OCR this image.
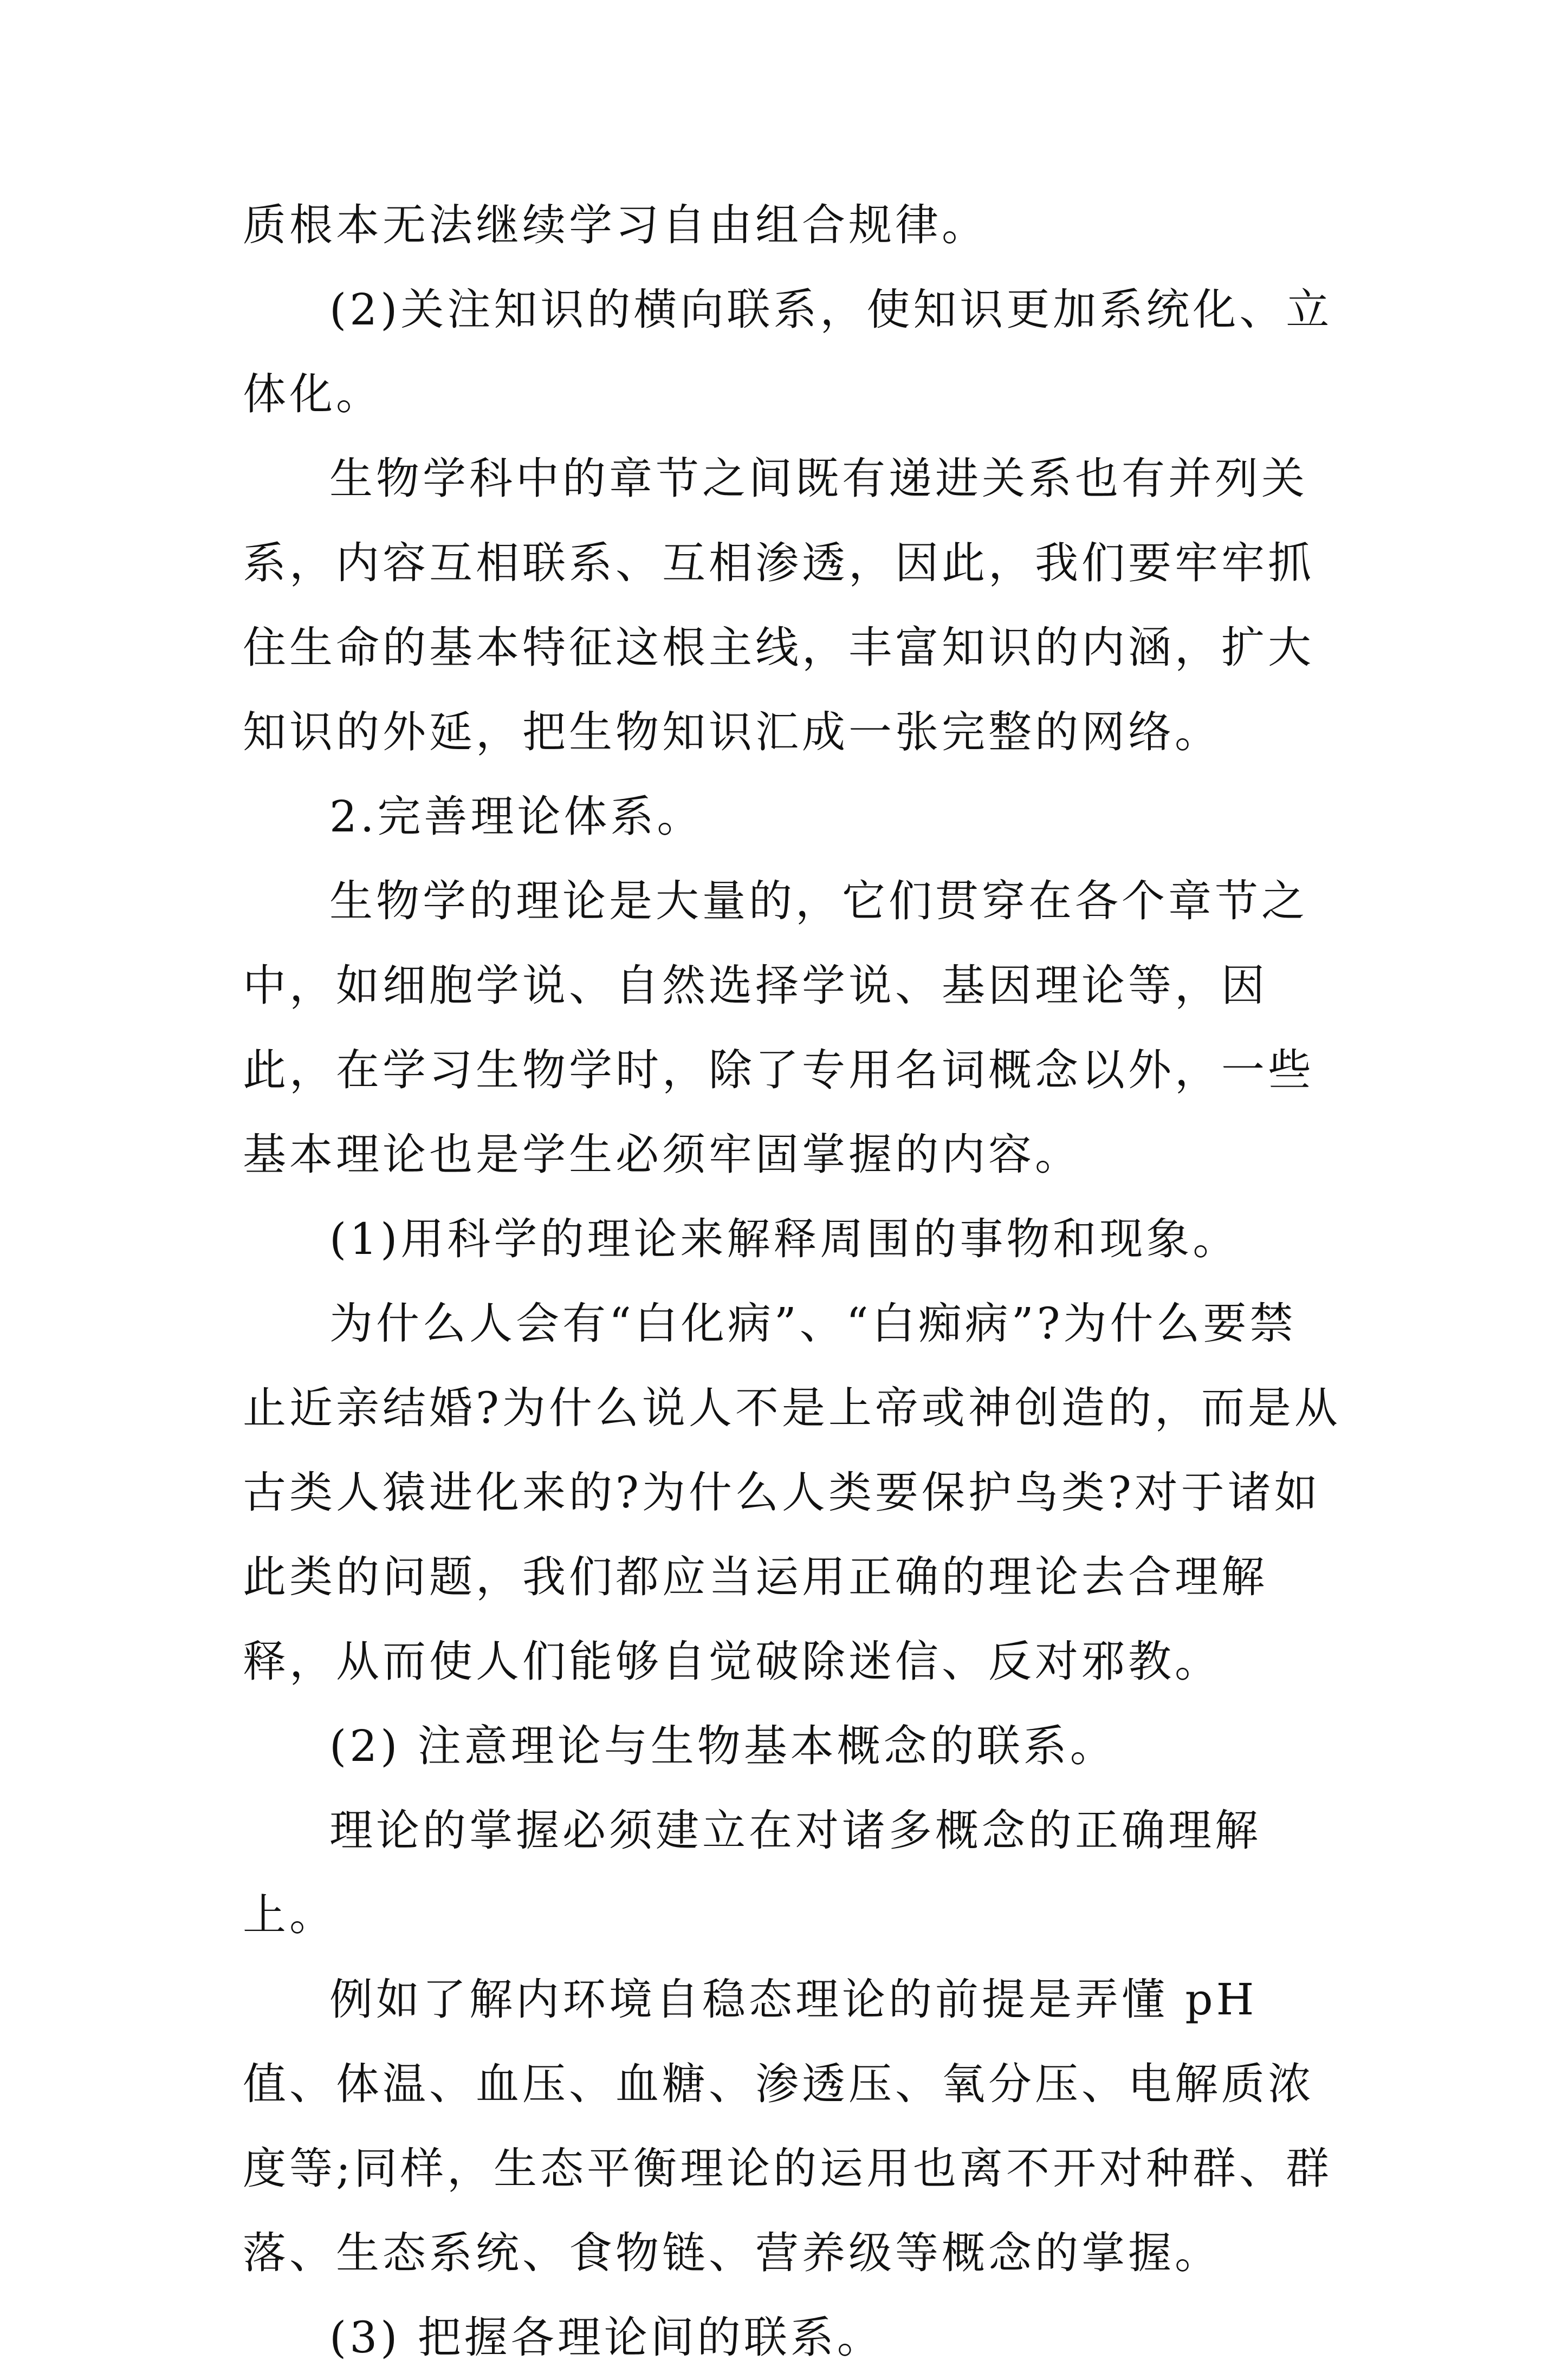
质根本无法继续学习自由组合规律。

(2)关注知识的横向联系，使知识更加系统化、立体化。

生物学科中的章节之间既有递进关系也有并列关系，内容互相联系、互相渗透，因此，我们要牢牢抓住生命的基本特征这根主线，丰富知识的内涵，扩大知识的外延，把生物知识汇成一张完整的网络。

2.完善理论体系。

生物学的理论是大量的，它们贯穿在各个章节之中，如细胞学说、自然选择学说、基因理论等，因此，在学习生物学时，除了专用名词概念以外，一些基本理论也是学生必须牢固掌握的内容。

(1)用科学的理论来解释周围的事物和现象。

为什么人会有“白化病”、“白痴病”?为什么要禁止近亲结婚?为什么说人不是上帝或神创造的，而是从古类人猿进化来的?为什么人类要保护鸟类?对于诸如此类的问题，我们都应当运用正确的理论去合理解释，从而使人们能够自觉破除迷信、反对邪教。

(2) 注意理论与生物基本概念的联系。

理论的掌握必须建立在对诸多概念的正确理解上。

例如了解内环境自稳态理论的前提是弄懂 pH 值、体温、血压、血糖、渗透压、氧分压、电解质浓度等;同样，生态平衡理论的运用也离不开对种群、群落、生态系统、食物链、营养级等概念的掌握。

(3) 把握各理论间的联系。
